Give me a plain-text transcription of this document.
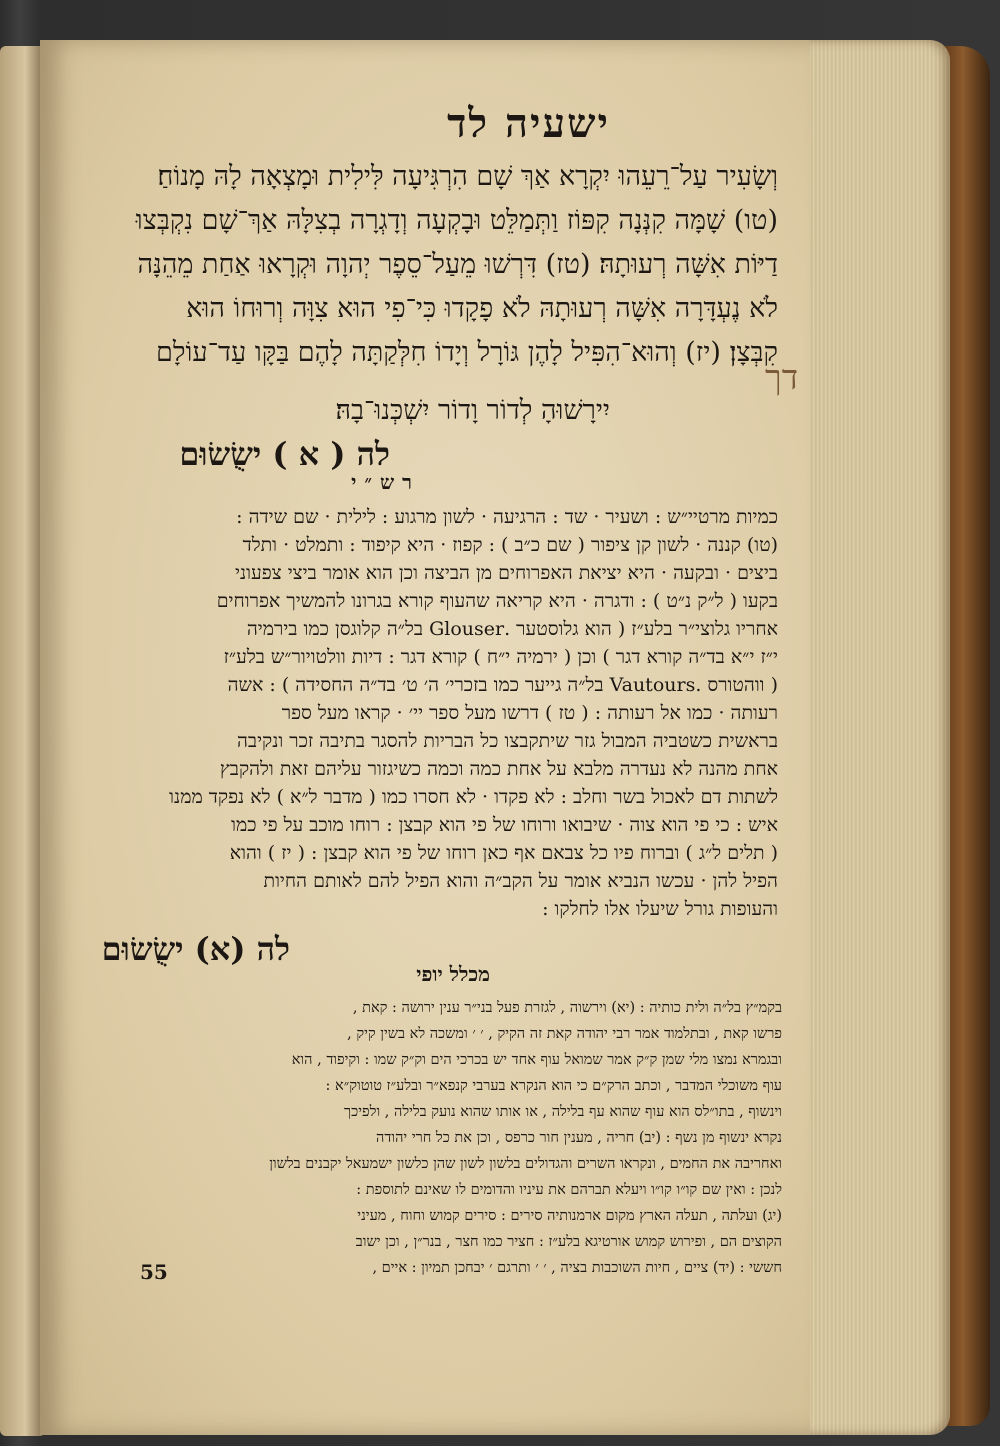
ישעיה לד

וְשָׂעִיר עַל־רֵעֵהוּ יִקְרָא אַךְ שָׁם הִרְגִּיעָה לִּילִית וּמָצְאָה לָהּ מָנוֹחַ׃

(טו) שָׁמָּה קִנְּנָה קִפּוֹז וַתְּמַלֵּט וּבָקְעָה וְדָגְרָה בְצִלָּהּ אַךְ־שָׁם נִקְבְּצוּ

דַיּוֹת אִשָּׁה רְעוּתָהּ׃ (טז) דִּרְשׁוּ מֵעַל־סֵפֶר יְהוָה וּקְרָאוּ אַחַת מֵהֵנָּה

לֹא נֶעְדָּרָה אִשָּׁה רְעוּתָהּ לֹא פָקָדוּ כִּי־פִי הוּא צִוָּה וְרוּחוֹ הוּא

קִבְּצָן׃ (יז) וְהוּא־הִפִּיל לָהֶן גּוֹרָל וְיָדוֹ חִלְּקַתָּה לָהֶם בַּקָּו עַד־עוֹלָם

יִירָשׁוּהָ לְדוֹר וָדוֹר יִשְׁכְּנוּ־בָהּ׃
דך
לה ( א ) ישֻׂשׂוּם
רש״י

כמיות מרטיי״ש : ושעיר · שד : הרגיעה · לשון מרגוע : לילית · שם שידה :

(טו) קננה · לשון קן ציפור ( שם כ״ב ) : קפוז · היא קיפוד : ותמלט · ותלד

ביצים · ובקעה · היא יציאת האפרוחים מן הביצה וכן הוא אומר ביצי צפעוני

בקעו ( ל״ק נ״ט ) : ודגרה · היא קריאה שהעוף קורא בגרונו להמשיך אפרוחים

אחריו גלוצי״ר בלע״ז ( הוא גלוסטער .Glouser בל״ה קלוגסן כמו בירמיה

י״ז י״א בד״ה קורא דגר ) וכן ( ירמיה י״ח ) קורא דגר : דיות וולטויור״ש בלע״ז

( ווהטורס .Vautours בל״ה גייער כמו בזכרי׳ ה׳ ט׳ בד״ה החסידה ) : אשה

רעותה · כמו אל רעותה : ( טז ) דרשו מעל ספר יי׳ · קראו מעל ספר

בראשית כשטביה המבול גזר שיתקבצו כל הבריות להסגר בתיבה זכר ונקיבה

אחת מהנה לא נעדרה מלבא על אחת כמה וכמה כשיגזור עליהם זאת ולהקבץ

לשתות דם לאכול בשר וחלב : לא פקדו · לא חסרו כמו ( מדבר ל״א ) לא נפקד ממנו

איש : כי פי הוא צוה · שיבואו ורוחו של פי הוא קבצן : רוחו מוכב על פי כמו

( תלים ל״ג ) וברוח פיו כל צבאם אף כאן רוחו של פי הוא קבצן : ( יז ) והוא

הפיל להן · עכשו הנביא אומר על הקב״ה והוא הפיל להם לאותם החיות

והעופות גורל שיעלו אלו לחלקו :

לה (א) ישֻׂשׂוּם
מכלל יופי

בקמ״ץ בל״ה ולית כותיה : (יא) וירשוה , לגזרת פעל בני״ר ענין ירושה : קאת ,

פרשו קאת , ובתלמוד אמר רבי יהודה קאת זה הקיק , ׳ ׳ ומשכה לא בשין קיק ,

ובגמרא נמצו מלי שמן ק״ק אמר שמואל עוף אחד יש בכרכי הים וק״ק שמו : וקיפוד , הוא

עוף משוכלי המדבר , וכתב הרק״ם כי הוא הנקרא בערבי קנפא״ר ובלע״ז טוטוק״א :

וינשוף , בתו״לס הוא עוף שהוא עף בלילה , או אותו שהוא נועק בלילה , ולפיכך

נקרא ינשוף מן נשף : (יב) חריה , מענין חור כרפס , וכן את כל חרי יהודה

ואחריבה את החמים , ונקראו השרים והגדולים בלשון לשון שהן כלשון ישמעאל יקבנים בלשון

לנכן : ואין שם קו״ו קו״ו ויעלא תברהם את עיניו והדומים לו שאינם לתוספת :

(יג) ועלתה , תעלה הארץ מקום ארמנותיה סירים : סירים קמוש וחוח , מעיני

הקוצים הם , ופירוש קמוש אורטיגא בלע״ז : חציר כמו חצר , בנר״ן , וכן ישוב

חששי : (יד) ציים , חיות השוכבות בציה , ׳ ׳ ותרגם ׳ יבחכן תמיון : איים ,

55
